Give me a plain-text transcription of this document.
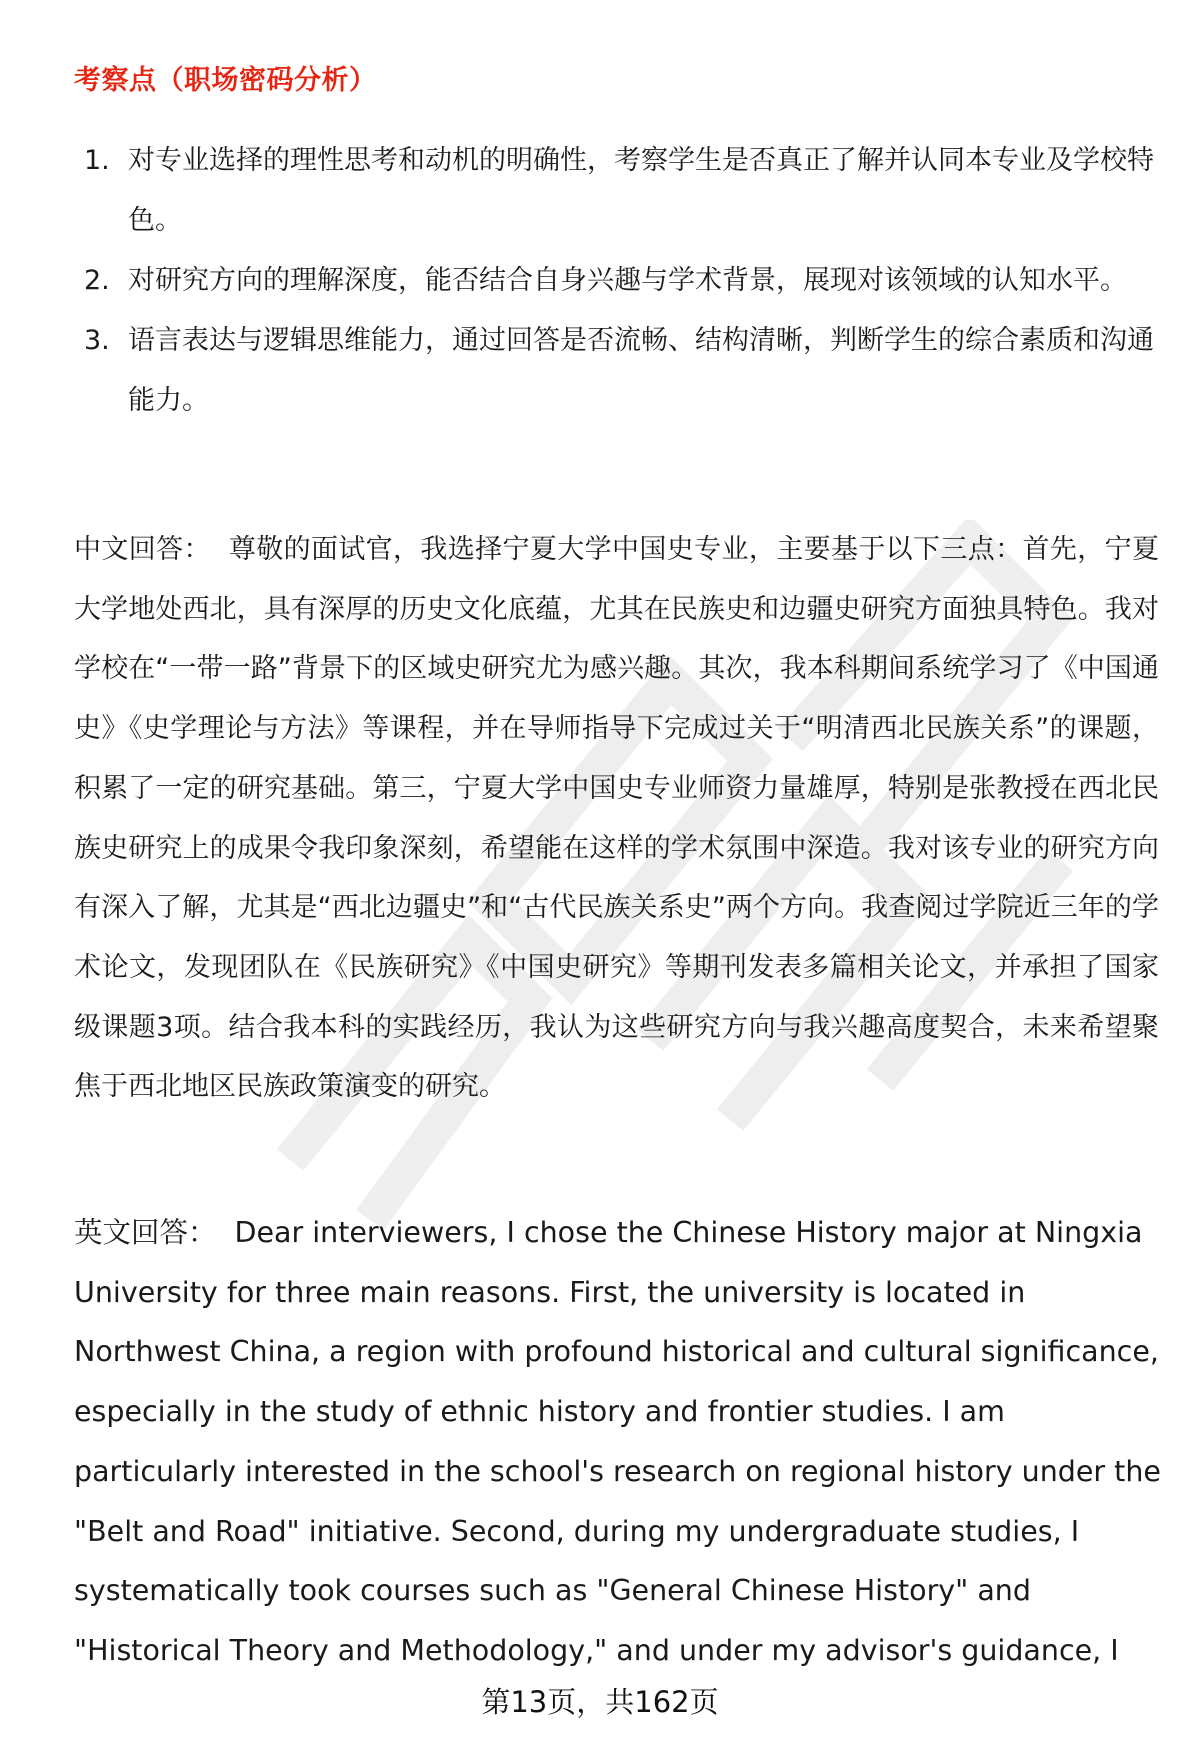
考察点（职场密码分析）
1. 对专业选择的理性思考和动机的明确性，考察学生是否真正了解并认同本专业及学校特色。
2. 对研究方向的理解深度，能否结合自身兴趣与学术背景，展现对该领域的认知水平。
3. 语言表达与逻辑思维能力，通过回答是否流畅、结构清晰，判断学生的综合素质和沟通能力。

中文回答： 尊敬的面试官，我选择宁夏大学中国史专业，主要基于以下三点：首先，宁夏大学地处西北，具有深厚的历史文化底蕴，尤其在民族史和边疆史研究方面独具特色。我对学校在“一带一路”背景下的区域史研究尤为感兴趣。其次，我本科期间系统学习了《中国通史》《史学理论与方法》等课程，并在导师指导下完成过关于“明清西北民族关系”的课题，积累了一定的研究基础。第三，宁夏大学中国史专业师资力量雄厚，特别是张教授在西北民族史研究上的成果令我印象深刻，希望能在这样的学术氛围中深造。我对该专业的研究方向有深入了解，尤其是“西北边疆史”和“古代民族关系史”两个方向。我查阅过学院近三年的学术论文，发现团队在《民族研究》《中国史研究》等期刊发表多篇相关论文，并承担了国家级课题3项。结合我本科的实践经历，我认为这些研究方向与我兴趣高度契合，未来希望聚焦于西北地区民族政策演变的研究。

英文回答： Dear interviewers, I chose the Chinese History major at Ningxia University for three main reasons. First, the university is located in Northwest China, a region with profound historical and cultural significance, especially in the study of ethnic history and frontier studies. I am particularly interested in the school's research on regional history under the "Belt and Road" initiative. Second, during my undergraduate studies, I systematically took courses such as "General Chinese History" and "Historical Theory and Methodology," and under my advisor's guidance, I

第13页，共162页
